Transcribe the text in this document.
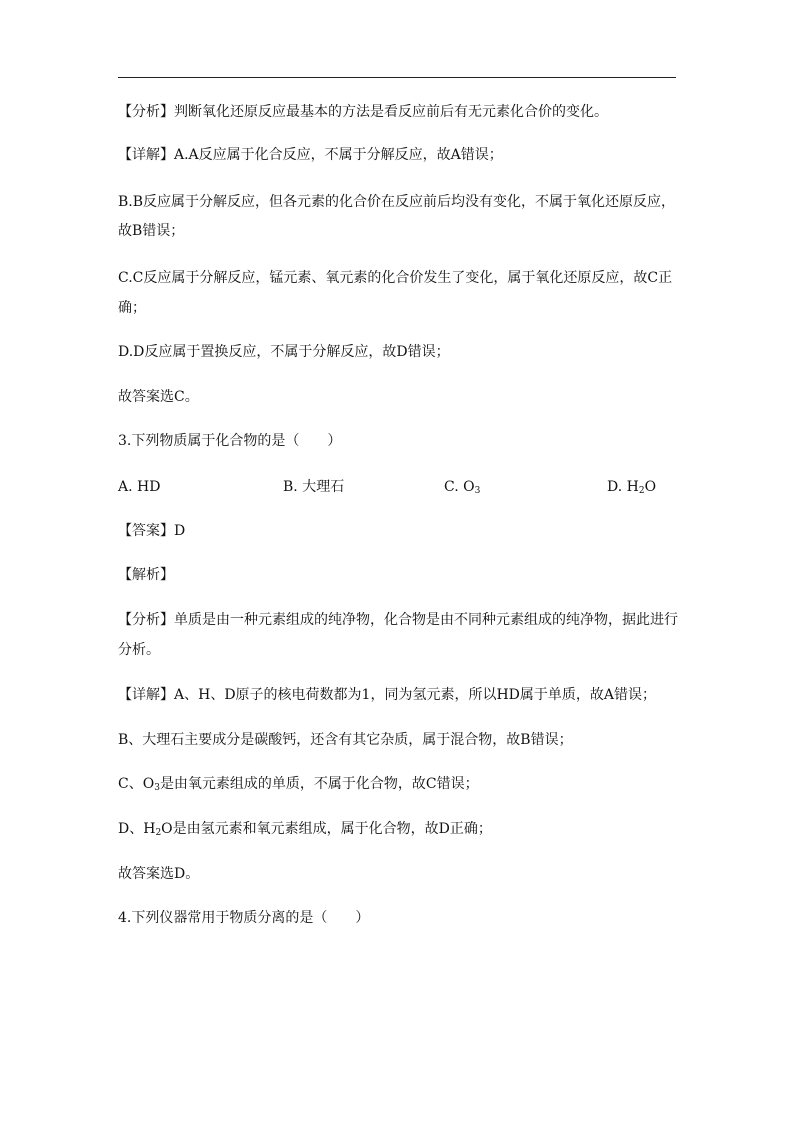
【分析】判断氧化还原反应最基本的方法是看反应前后有无元素化合价的变化。
【详解】A.A反应属于化合反应，不属于分解反应，故A错误；
B.B反应属于分解反应，但各元素的化合价在反应前后均没有变化，不属于氧化还原反应，
故B错误；
C.C反应属于分解反应，锰元素、氧元素的化合价发生了变化，属于氧化还原反应，故C正
确；
D.D反应属于置换反应，不属于分解反应，故D错误；
故答案选C。
3.下列物质属于化合物的是（　　）
A. HD	B. 大理石	C. $O_3$	D. $H_2O$
【答案】D
【解析】
【分析】单质是由一种元素组成的纯净物，化合物是由不同种元素组成的纯净物，据此进行
分析。
【详解】A、H、D原子的核电荷数都为1，同为氢元素，所以HD属于单质，故A错误；
B、大理石主要成分是碳酸钙，还含有其它杂质，属于混合物，故B错误；
C、$O_3$是由氧元素组成的单质，不属于化合物，故C错误；
D、$H_2O$是由氢元素和氧元素组成，属于化合物，故D正确；
故答案选D。
4.下列仪器常用于物质分离的是（　　）
